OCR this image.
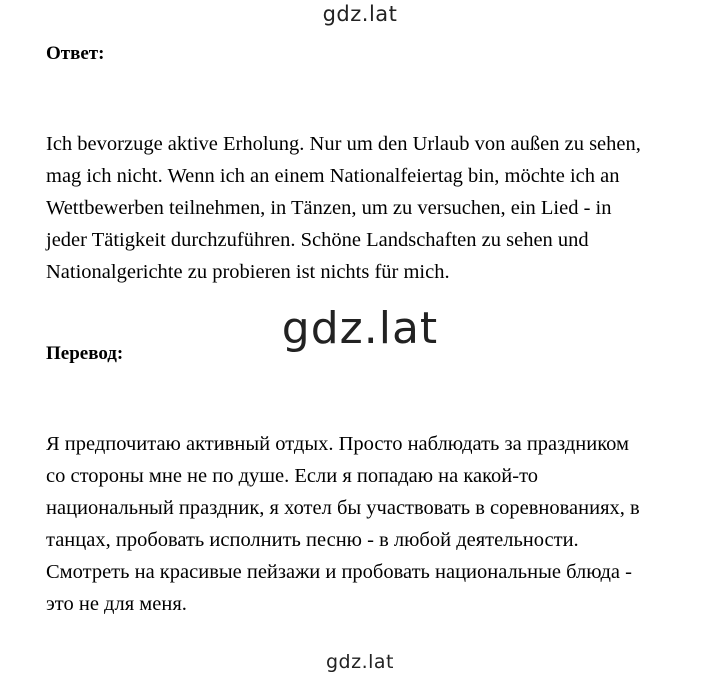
gdz.lat
Ответ:

Ich bevorzuge aktive Erholung. Nur um den Urlaub von außen zu sehen,
mag ich nicht. Wenn ich an einem Nationalfeiertag bin, möchte ich an
Wettbewerben teilnehmen, in Tänzen, um zu versuchen, ein Lied - in
jeder Tätigkeit durchzuführen. Schöne Landschaften zu sehen und
Nationalgerichte zu probieren ist nichts für mich.

gdz.lat
Перевод:

Я предпочитаю активный отдых. Просто наблюдать за праздником
со стороны мне не по душе. Если я попадаю на какой-то
национальный праздник, я хотел бы участвовать в соревнованиях, в
танцах, пробовать исполнить песню - в любой деятельности.
Смотреть на красивые пейзажи и пробовать национальные блюда -
это не для меня.

gdz.lat
